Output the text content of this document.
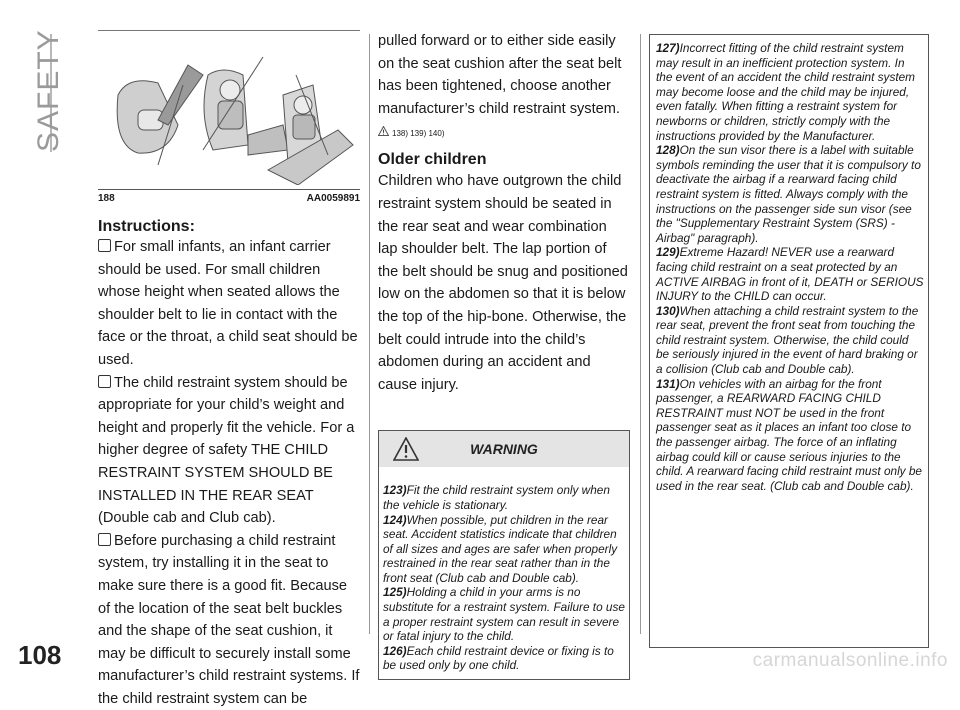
SAFETY
188	AA0059891
Instructions:

For small infants, an infant carrier should be used. For small children whose height when seated allows the shoulder belt to lie in contact with the face or the throat, a child seat should be used.

The child restraint system should be appropriate for your child’s weight and height and properly fit the vehicle. For a higher degree of safety THE CHILD RESTRAINT SYSTEM SHOULD BE INSTALLED IN THE REAR SEAT (Double cab and Club cab).

Before purchasing a child restraint system, try installing it in the seat to make sure there is a good fit. Because of the location of the seat belt buckles and the shape of the seat cushion, it may be difficult to securely install some manufacturer’s child restraint systems. If the child restraint system can be

pulled forward or to either side easily on the seat cushion after the seat belt has been tightened, choose another manufacturer’s child restraint system.

138) 139) 140)
Older children

Children who have outgrown the child restraint system should be seated in the rear seat and wear combination lap shoulder belt. The lap portion of the belt should be snug and positioned low on the abdomen so that it is below the top of the hip-bone. Otherwise, the belt could intrude into the child’s abdomen during an accident and cause injury.

WARNING

123)Fit the child restraint system only when the vehicle is stationary.

124)When possible, put children in the rear seat. Accident statistics indicate that children of all sizes and ages are safer when properly restrained in the rear seat rather than in the front seat (Club cab and Double cab).

125)Holding a child in your arms is no substitute for a restraint system. Failure to use a proper restraint system can result in severe or fatal injury to the child.

126)Each child restraint device or fixing is to be used only by one child.

127)Incorrect fitting of the child restraint system may result in an inefficient protection system. In the event of an accident the child restraint system may become loose and the child may be injured, even fatally. When fitting a restraint system for newborns or children, strictly comply with the instructions provided by the Manufacturer.

128)On the sun visor there is a label with suitable symbols reminding the user that it is compulsory to deactivate the airbag if a rearward facing child restraint system is fitted. Always comply with the instructions on the passenger side sun visor (see the "Supplementary Restraint System (SRS) - Airbag" paragraph).

129)Extreme Hazard! NEVER use a rearward facing child restraint on a seat protected by an ACTIVE AIRBAG in front of it, DEATH or SERIOUS INJURY to the CHILD can occur.

130)When attaching a child restraint system to the rear seat, prevent the front seat from touching the child restraint system. Otherwise, the child could be seriously injured in the event of hard braking or a collision (Club cab and Double cab).

131)On vehicles with an airbag for the front passenger, a REARWARD FACING CHILD RESTRAINT must NOT be used in the front passenger seat as it places an infant too close to the passenger airbag. The force of an inflating airbag could kill or cause serious injuries to the child. A rearward facing child restraint must only be used in the rear seat. (Club cab and Double cab).

108	carmanualsonline.info
